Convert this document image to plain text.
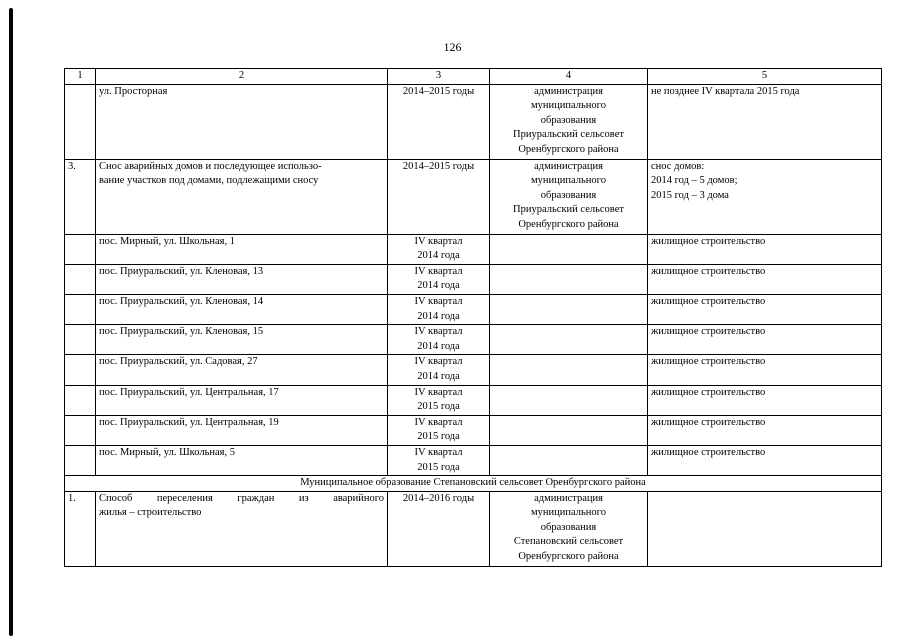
126
1	2	3	4	5
	ул. Просторная	2014–2015 годы	администрация
муниципального
образования
Приуральский сельсовет
Оренбургского района	не позднее IV квартала 2015 года
3.	Снос аварийных домов и последующее использо-
вание участков под домами, подлежащими сносу	2014–2015 годы	администрация
муниципального
образования
Приуральский сельсовет
Оренбургского района	снос домов:
2014 год – 5 домов;
2015 год – 3 дома

	пос. Мирный, ул. Школьная, 1	IV квартал
2014 года		жилищное строительство
	пос. Приуральский, ул. Кленовая, 13	IV квартал
2014 года		жилищное строительство
	пос. Приуральский, ул. Кленовая, 14	IV квартал
2014 года		жилищное строительство
	пос. Приуральский, ул. Кленовая, 15	IV квартал
2014 года		жилищное строительство
	пос. Приуральский, ул. Садовая, 27	IV квартал
2014 года		жилищное строительство
	пос. Приуральский, ул. Центральная, 17	IV квартал
2015 года		жилищное строительство
	пос. Приуральский, ул. Центральная, 19	IV квартал
2015 года		жилищное строительство
	пос. Мирный, ул. Школьная, 5	IV квартал
2015 года		жилищное строительство
Муниципальное образование Степановский сельсовет Оренбургского района				
1.	Способ переселения граждан из аварийного
жилья – строительство	2014–2016 годы	администрация
муниципального
образования
Степановский сельсовет
Оренбургского района	
